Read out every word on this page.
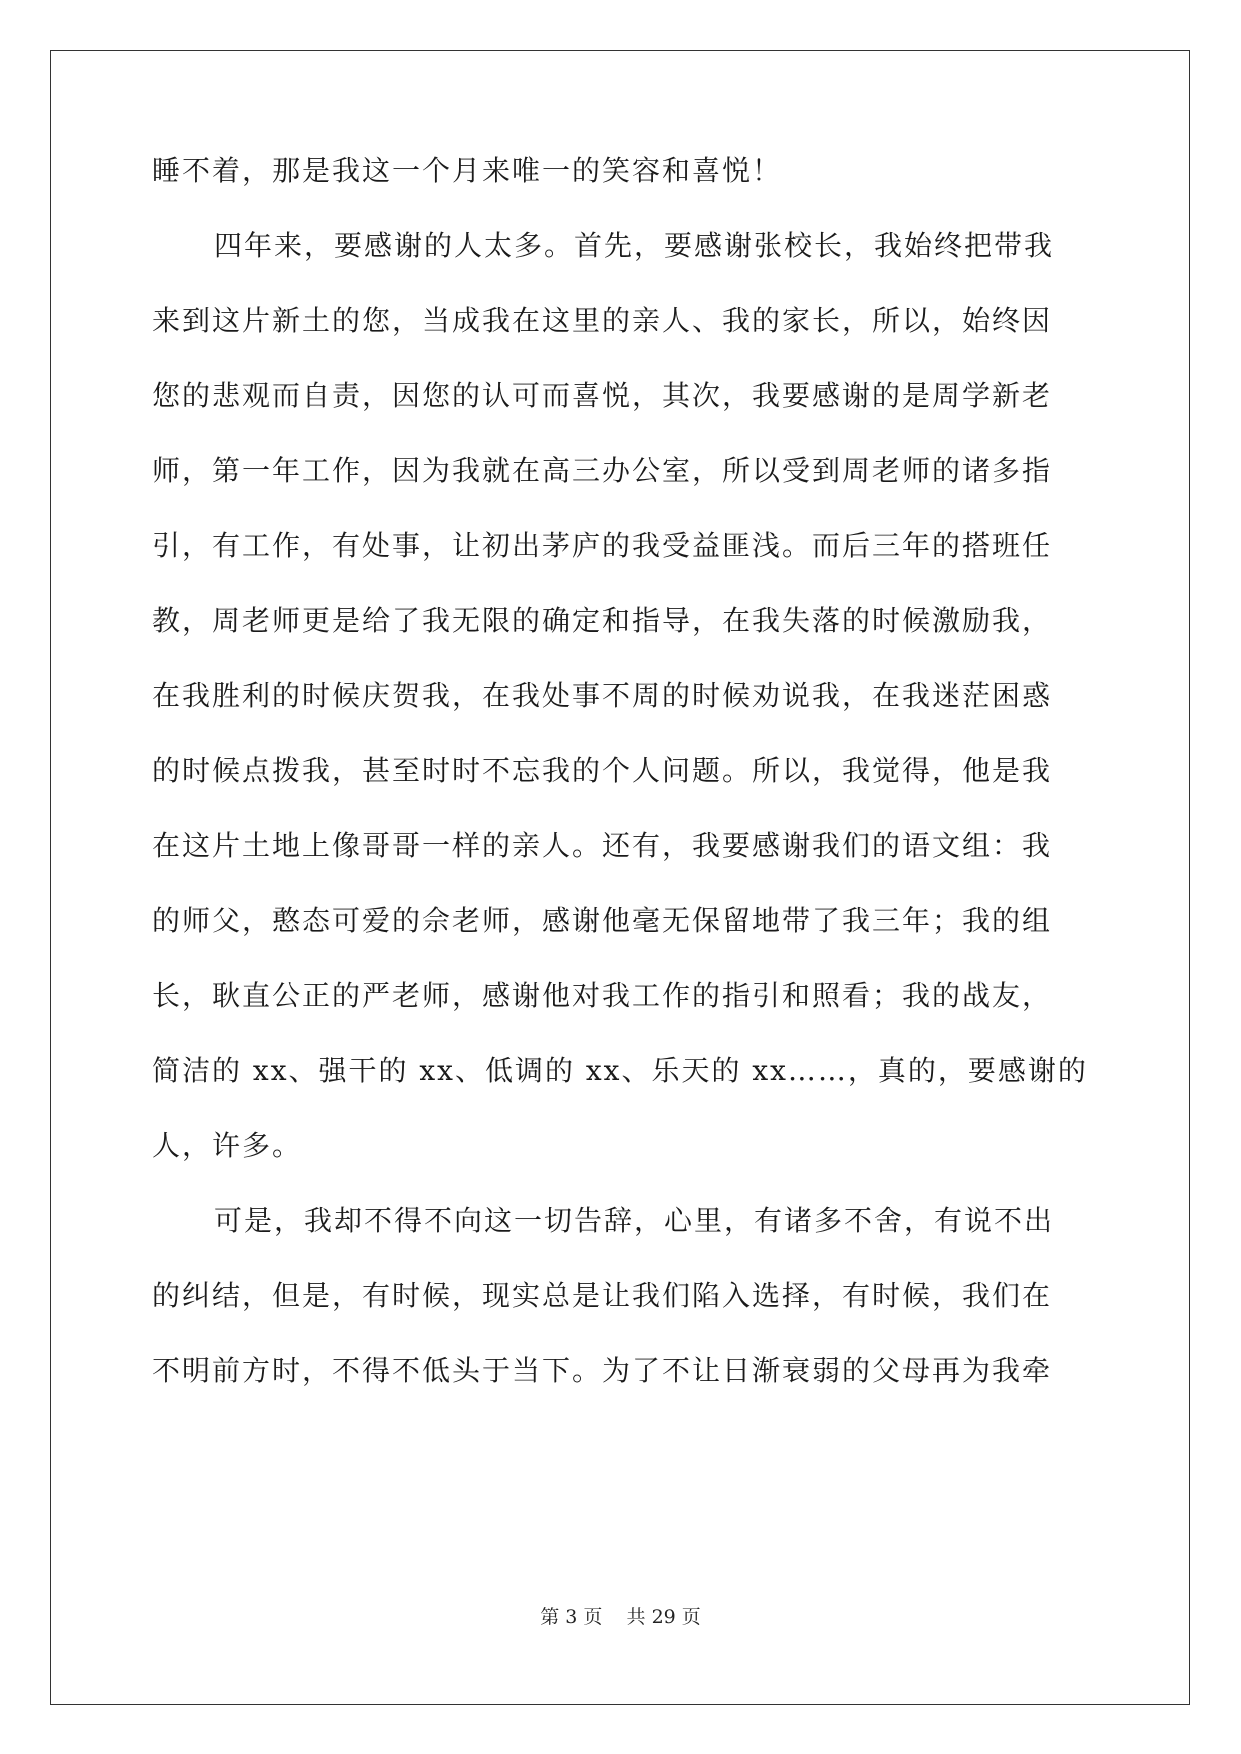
睡不着，那是我这一个月来唯一的笑容和喜悦！
四年来，要感谢的人太多。首先，要感谢张校长，我始终把带我
来到这片新土的您，当成我在这里的亲人、我的家长，所以，始终因
您的悲观而自责，因您的认可而喜悦，其次，我要感谢的是周学新老
师，第一年工作，因为我就在高三办公室，所以受到周老师的诸多指
引，有工作，有处事，让初出茅庐的我受益匪浅。而后三年的搭班任
教，周老师更是给了我无限的确定和指导，在我失落的时候激励我，
在我胜利的时候庆贺我，在我处事不周的时候劝说我，在我迷茫困惑
的时候点拨我，甚至时时不忘我的个人问题。所以，我觉得，他是我
在这片土地上像哥哥一样的亲人。还有，我要感谢我们的语文组：我
的师父，憨态可爱的佘老师，感谢他毫无保留地带了我三年；我的组
长，耿直公正的严老师，感谢他对我工作的指引和照看；我的战友，
简洁的 xx、强干的 xx、低调的 xx、乐天的 xx……，真的，要感谢的
人，许多。
可是，我却不得不向这一切告辞，心里，有诸多不舍，有说不出
的纠结，但是，有时候，现实总是让我们陷入选择，有时候，我们在
不明前方时，不得不低头于当下。为了不让日渐衰弱的父母再为我牵
第 3 页 共 29 页
